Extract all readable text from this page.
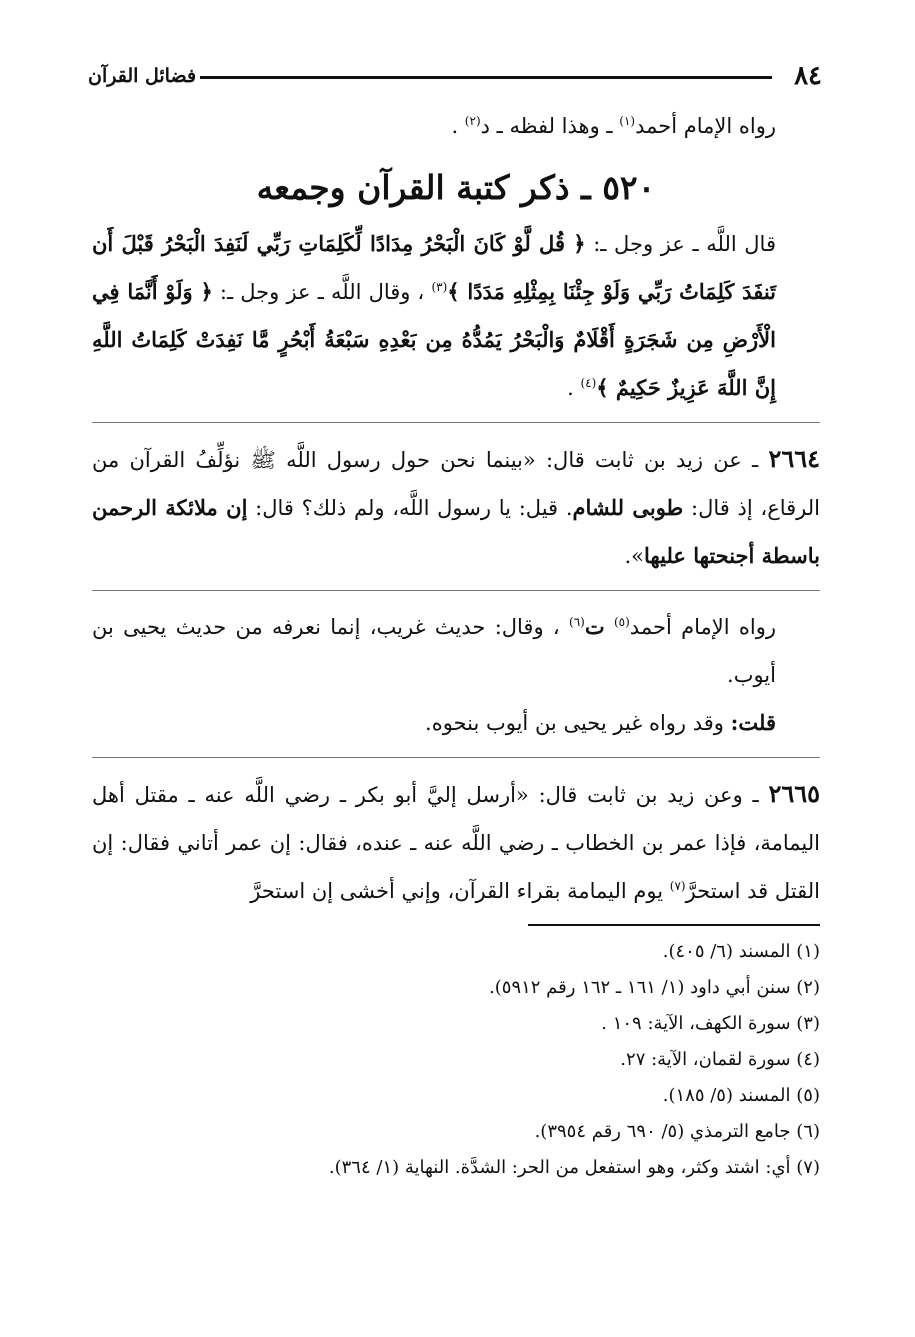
٨٤
فضائل القرآن

رواه الإمام أحمد$^{(١)}$ ـ وهذا لفظه ـ د$^{(٢)}$ .

٥٢٠ ـ ذكر كتبة القرآن وجمعه

قال اللَّه ـ عز وجل ـ: ﴿ قُل لَّوْ كَانَ الْبَحْرُ مِدَادًا لِّكَلِمَاتِ رَبِّي لَنَفِدَ الْبَحْرُ قَبْلَ أَن تَنفَدَ كَلِمَاتُ رَبِّي وَلَوْ جِئْنَا بِمِثْلِهِ مَدَدًا ﴾$^{(٣)}$ ، وقال اللَّه ـ عز وجل ـ: ﴿ وَلَوْ أَنَّمَا فِي الْأَرْضِ مِن شَجَرَةٍ أَقْلَامٌ وَالْبَحْرُ يَمُدُّهُ مِن بَعْدِهِ سَبْعَةُ أَبْحُرٍ مَّا نَفِدَتْ كَلِمَاتُ اللَّهِ إِنَّ اللَّهَ عَزِيزٌ حَكِيمٌ ﴾$^{(٤)}$ .

٢٦٦٤ ـ عن زيد بن ثابت قال: «بينما نحن حول رسول اللَّه ﷺ نؤلِّفُ القرآن من الرقاع، إذ قال: طوبى للشام. قيل: يا رسول اللَّه، ولم ذلك؟ قال: إن ملائكة الرحمن باسطة أجنحتها عليها».

رواه الإمام أحمد$^{(٥)}$ ت$^{(٦)}$ ، وقال: حديث غريب، إنما نعرفه من حديث يحيى بن أيوب.

قلت: وقد رواه غير يحيى بن أيوب بنحوه.

٢٦٦٥ ـ وعن زيد بن ثابت قال: «أرسل إليَّ أبو بكر ـ رضي اللَّه عنه ـ مقتل أهل اليمامة، فإذا عمر بن الخطاب ـ رضي اللَّه عنه ـ عنده، فقال: إن عمر أتاني فقال: إن القتل قد استحرَّ$^{(٧)}$ يوم اليمامة بقراء القرآن، وإني أخشى إن استحرَّ

(١) المسند (٦/ ٤٠٥).
(٢) سنن أبي داود (١/ ١٦١ ـ ١٦٢ رقم ٥٩١٢).
(٣) سورة الكهف، الآية: ١٠٩ .
(٤) سورة لقمان، الآية: ٢٧.
(٥) المسند (٥/ ١٨٥).
(٦) جامع الترمذي (٥/ ٦٩٠ رقم ٣٩٥٤).
(٧) أي: اشتد وكثر، وهو استفعل من الحر: الشدَّة. النهاية (١/ ٣٦٤).
